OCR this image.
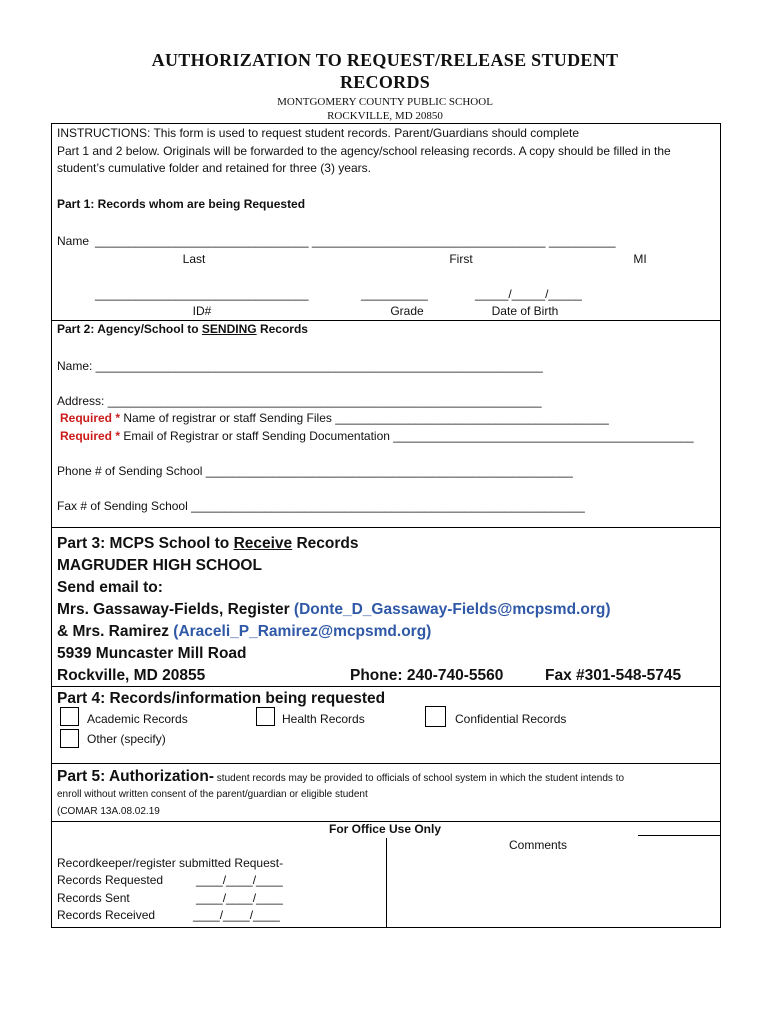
AUTHORIZATION TO REQUEST/RELEASE STUDENT
RECORDS
MONTGOMERY COUNTY PUBLIC SCHOOL
ROCKVILLE, MD 20850
INSTRUCTIONS: This form is used to request student records. Parent/Guardians should complete
Part 1 and 2 below. Originals will be forwarded to the agency/school releasing records. A copy should be filled in the
student’s cumulative folder and retained for three (3) years.
Part 1: Records whom are being Requested
Name ________________________________ ___________________________________ __________
Last	First	MI
________________________________	__________	_____/_____/_____
ID#	Grade	Date of Birth
Part 2: Agency/School to SENDING Records
Name: ___________________________________________________________________
Address: _________________________________________________________________
Required * Name of registrar or staff Sending Files _________________________________________
Required * Email of Registrar or staff Sending Documentation _____________________________________________
Phone # of Sending School _______________________________________________________
Fax # of Sending School ___________________________________________________________
Part 3: MCPS School to Receive Records
MAGRUDER HIGH SCHOOL
Send email to:
Mrs. Gassaway-Fields, Register (Donte_D_Gassaway-Fields@mcpsmd.org)
& Mrs. Ramirez (Araceli_P_Ramirez@mcpsmd.org)
5939 Muncaster Mill Road
Rockville, MD 20855	Phone: 240-740-5560	Fax #301-548-5745
Part 4: Records/information being requested
Academic Records	Health Records	Confidential Records
Other (specify)
Part 5: Authorization- student records may be provided to officials of school system in which the student intends to
enroll without written consent of the parent/guardian or eligible student
(COMAR 13A.08.02.19
For Office Use Only
Comments
Recordkeeper/register submitted Request-
Records Requested	____/____/____
Records Sent	____/____/____
Records Received	____/____/____
